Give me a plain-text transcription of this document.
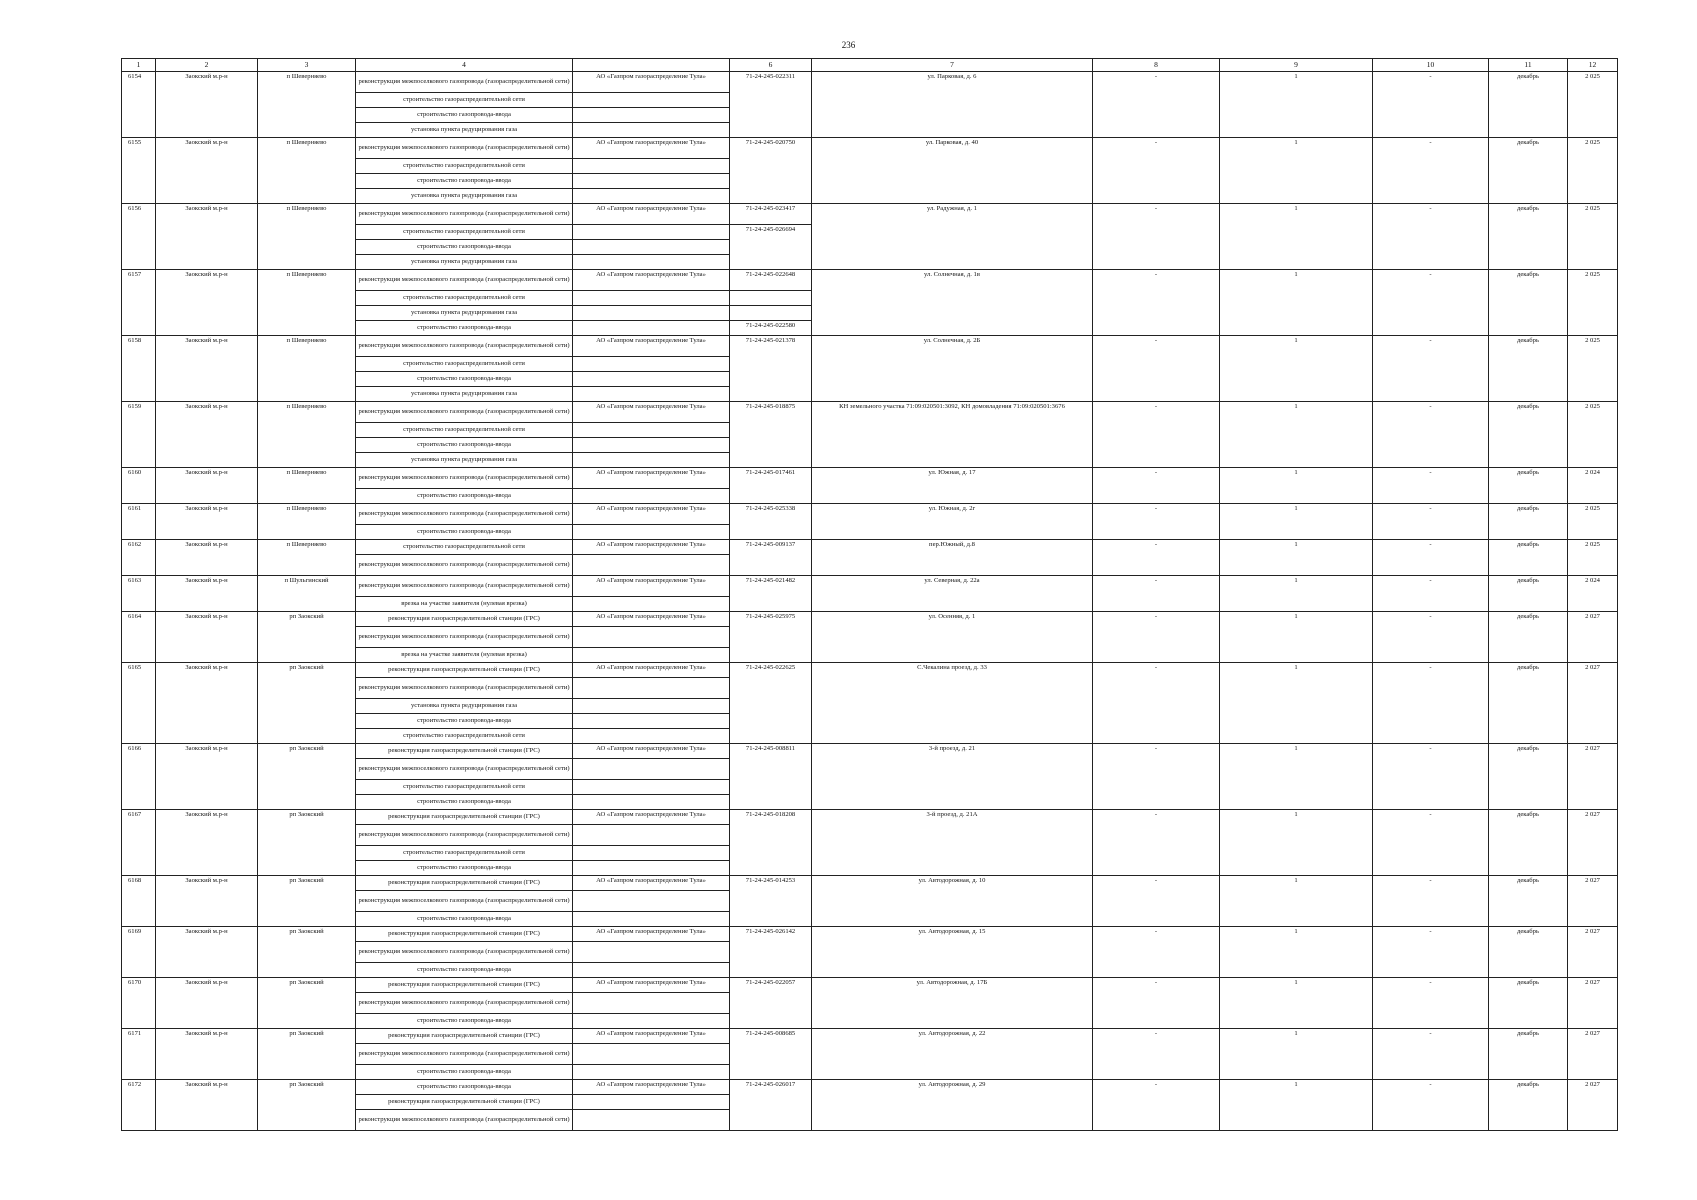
236
1	2	3	4		6	7	8	9	10	11	12
6154	Заокский м.р-н	п Шеверняево	реконструкция межпоселкового газопровода (газораспределительной сети)	АО «Газпром газораспределение Тула»	71-24-245-022311	ул. Парковая, д. 6	-	1	-	декабрь	2 025
			строительство газораспределительной сети								
			строительство газопровода-ввода								
			установка пункта редуцирования газа								
6155	Заокский м.р-н	п Шеверняево	реконструкция межпоселкового газопровода (газораспределительной сети)	АО «Газпром газораспределение Тула»	71-24-245-020750	ул. Парковая, д. 40	-	1	-	декабрь	2 025
			строительство газораспределительной сети								
			строительство газопровода-ввода								
			установка пункта редуцирования газа								
6156	Заокский м.р-н	п Шеверняево	реконструкция межпоселкового газопровода (газораспределительной сети)	АО «Газпром газораспределение Тула»	71-24-245-023417	ул. Радужная, д. 1	-	1	-	декабрь	2 025
			строительство газораспределительной сети		71-24-245-026694						
			строительство газопровода-ввода								
			установка пункта редуцирования газа								
6157	Заокский м.р-н	п Шеверняево	реконструкция межпоселкового газопровода (газораспределительной сети)	АО «Газпром газораспределение Тула»	71-24-245-022648	ул. Солнечная, д. 1в	-	1	-	декабрь	2 025
			строительство газораспределительной сети								
			установка пункта редуцирования газа								
			строительство газопровода-ввода		71-24-245-022580						
6158	Заокский м.р-н	п Шеверняево	реконструкция межпоселкового газопровода (газораспределительной сети)	АО «Газпром газораспределение Тула»	71-24-245-021378	ул. Солнечная, д. 2Б	-	1	-	декабрь	2 025
			строительство газораспределительной сети								
			строительство газопровода-ввода								
			установка пункта редуцирования газа								
6159	Заокский м.р-н	п Шеверняево	реконструкция межпоселкового газопровода (газораспределительной сети)	АО «Газпром газораспределение Тула»	71-24-245-018875	КН земельного участка 71:09:020501:3092, КН домовладения 71:09:020501:3676	-	1	-	декабрь	2 025
			строительство газораспределительной сети								
			строительство газопровода-ввода								
			установка пункта редуцирования газа								
6160	Заокский м.р-н	п Шеверняево	реконструкция межпоселкового газопровода (газораспределительной сети)	АО «Газпром газораспределение Тула»	71-24-245-017461	ул. Южная, д. 17	-	1	-	декабрь	2 024
			строительство газопровода-ввода								
6161	Заокский м.р-н	п Шеверняево	реконструкция межпоселкового газопровода (газораспределительной сети)	АО «Газпром газораспределение Тула»	71-24-245-025338	ул. Южная, д. 2г	-	1	-	декабрь	2 025
			строительство газопровода-ввода								
6162	Заокский м.р-н	п Шеверняево	строительство газораспределительной сети	АО «Газпром газораспределение Тула»	71-24-245-009137	пер.Южный, д.8	-	1	-	декабрь	2 025
			реконструкция межпоселкового газопровода (газораспределительной сети)								
6163	Заокский м.р-н	п Шульгинский	реконструкция межпоселкового газопровода (газораспределительной сети)	АО «Газпром газораспределение Тула»	71-24-245-021482	ул. Северная, д. 22а	-	1	-	декабрь	2 024
			врезка на участке заявителя (нулевая врезка)								
6164	Заокский м.р-н	рп Заокский	реконструкция газораспределительной станции (ГРС)	АО «Газпром газораспределение Тула»	71-24-245-025975	ул. Осенняя, д. 1	-	1	-	декабрь	2 027
			реконструкция межпоселкового газопровода (газораспределительной сети)								
			врезка на участке заявителя (нулевая врезка)								
6165	Заокский м.р-н	рп Заокский	реконструкция газораспределительной станции (ГРС)	АО «Газпром газораспределение Тула»	71-24-245-022625	С.Чекалина проезд, д. 33	-	1	-	декабрь	2 027
			реконструкция межпоселкового газопровода (газораспределительной сети)								
			установка пункта редуцирования газа								
			строительство газопровода-ввода								
			строительство газораспределительной сети								
6166	Заокский м.р-н	рп Заокский	реконструкция газораспределительной станции (ГРС)	АО «Газпром газораспределение Тула»	71-24-245-008811	3-й проезд, д. 21	-	1	-	декабрь	2 027
			реконструкция межпоселкового газопровода (газораспределительной сети)								
			строительство газораспределительной сети								
			строительство газопровода-ввода								
6167	Заокский м.р-н	рп Заокский	реконструкция газораспределительной станции (ГРС)	АО «Газпром газораспределение Тула»	71-24-245-018208	3-й проезд, д. 21А	-	1	-	декабрь	2 027
			реконструкция межпоселкового газопровода (газораспределительной сети)								
			строительство газораспределительной сети								
			строительство газопровода-ввода								
6168	Заокский м.р-н	рп Заокский	реконструкция газораспределительной станции (ГРС)	АО «Газпром газораспределение Тула»	71-24-245-014253	ул. Автодорожная, д. 10	-	1	-	декабрь	2 027
			реконструкция межпоселкового газопровода (газораспределительной сети)								
			строительство газопровода-ввода								
6169	Заокский м.р-н	рп Заокский	реконструкция газораспределительной станции (ГРС)	АО «Газпром газораспределение Тула»	71-24-245-026142	ул. Автодорожная, д. 15	-	1	-	декабрь	2 027
			реконструкция межпоселкового газопровода (газораспределительной сети)								
			строительство газопровода-ввода								
6170	Заокский м.р-н	рп Заокский	реконструкция газораспределительной станции (ГРС)	АО «Газпром газораспределение Тула»	71-24-245-022057	ул. Автодорожная, д. 17Б	-	1	-	декабрь	2 027
			реконструкция межпоселкового газопровода (газораспределительной сети)								
			строительство газопровода-ввода								
6171	Заокский м.р-н	рп Заокский	реконструкция газораспределительной станции (ГРС)	АО «Газпром газораспределение Тула»	71-24-245-008685	ул. Автодорожная, д. 22	-	1	-	декабрь	2 027
			реконструкция межпоселкового газопровода (газораспределительной сети)								
			строительство газопровода-ввода								
6172	Заокский м.р-н	рп Заокский	строительство газопровода-ввода	АО «Газпром газораспределение Тула»	71-24-245-026017	ул. Автодорожная, д. 29	-	1	-	декабрь	2 027
			реконструкция газораспределительной станции (ГРС)								
			реконструкция межпоселкового газопровода (газораспределительной сети)								
